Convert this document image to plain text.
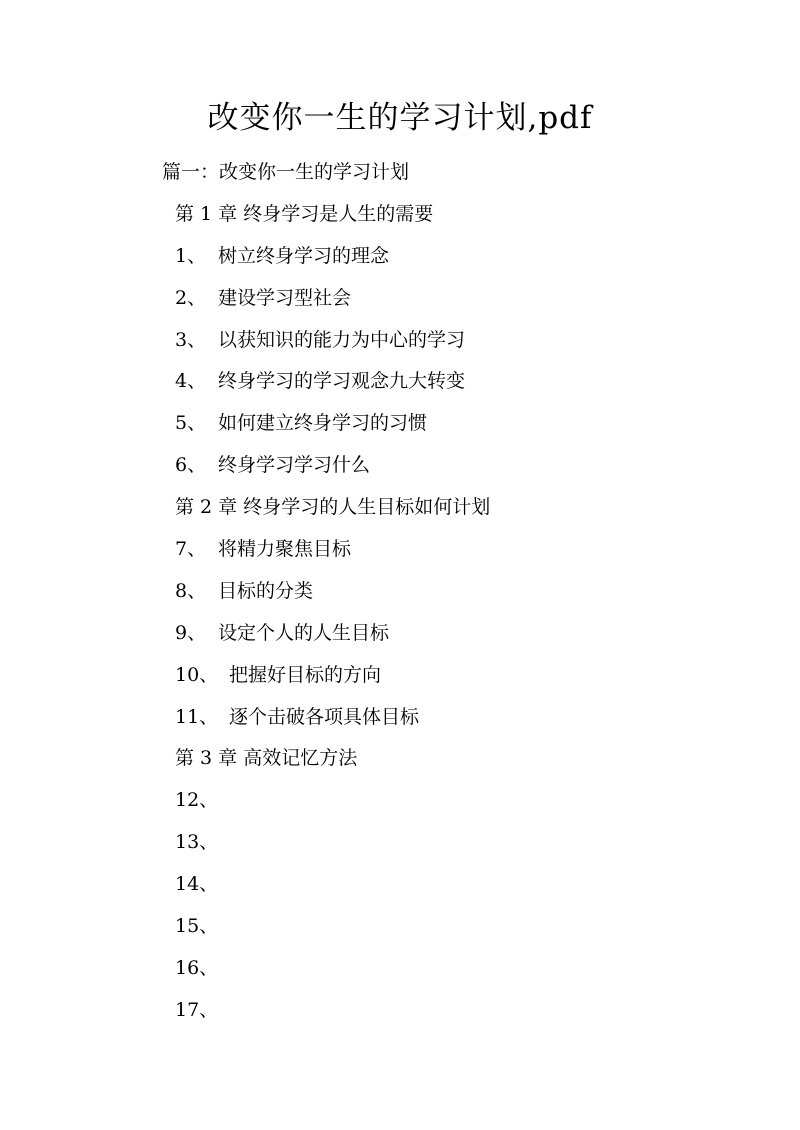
改变你一生的学习计划,pdf
篇一：改变你一生的学习计划
第 1 章 终身学习是人生的需要
1、 树立终身学习的理念
2、 建设学习型社会
3、 以获知识的能力为中心的学习
4、 终身学习的学习观念九大转变
5、 如何建立终身学习的习惯
6、 终身学习学习什么
第 2 章 终身学习的人生目标如何计划
7、 将精力聚焦目标
8、 目标的分类
9、 设定个人的人生目标
10、 把握好目标的方向
11、 逐个击破各项具体目标
第 3 章 高效记忆方法
12、
13、
14、
15、
16、
17、
